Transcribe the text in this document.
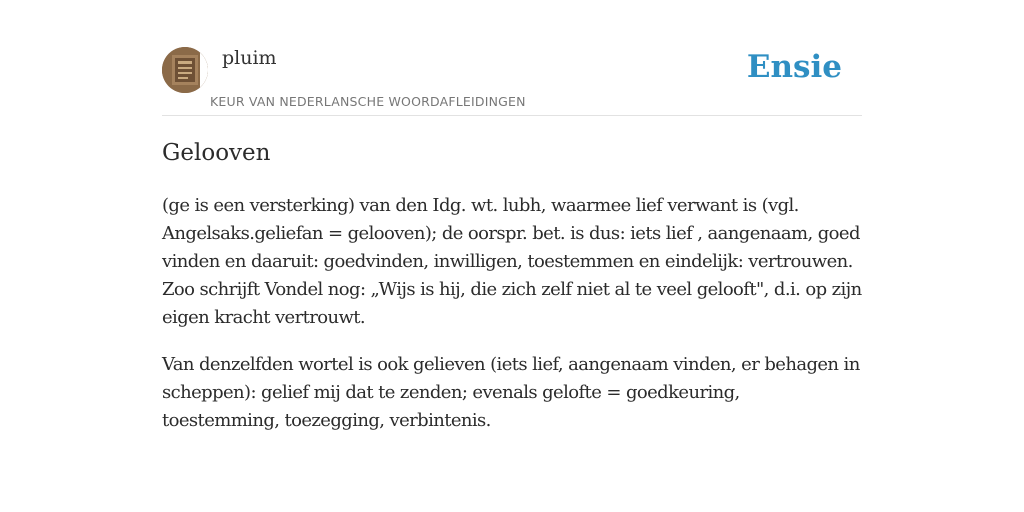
pluim
KEUR VAN NEDERLANSCHE WOORDAFLEIDINGEN
Ensie
Gelooven

(ge is een versterking) van den Idg. wt. lubh, waarmee lief verwant is (vgl. Angelsaks.geliefan = gelooven); de oorspr. bet. is dus: iets lief , aangenaam, goed vinden en daaruit: goedvinden, inwilligen, toestemmen en eindelijk: vertrouwen. Zoo schrijft Vondel nog: „Wijs is hij, die zich zelf niet al te veel gelooft", d.i. op zijn eigen kracht vertrouwt.

Van denzelfden wortel is ook gelieven (iets lief, aangenaam vinden, er behagen in scheppen): gelief mij dat te zenden; evenals gelofte = goedkeuring, toestemming, toezegging, verbintenis.
